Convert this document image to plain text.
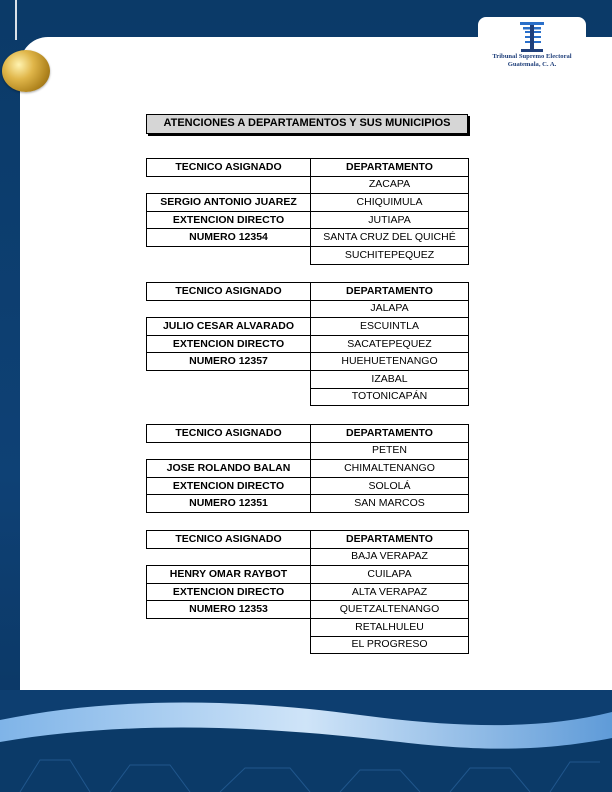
Tribunal Supremo Electoral
Guatemala, C. A.
ATENCIONES A DEPARTAMENTOS Y SUS MUNICIPIOS
TECNICO ASIGNADO	DEPARTAMENTO
	ZACAPA
SERGIO ANTONIO JUAREZ	CHIQUIMULA
EXTENCION DIRECTO	JUTIAPA
NUMERO 12354	SANTA CRUZ DEL QUICHÉ
	SUCHITEPEQUEZ
TECNICO ASIGNADO	DEPARTAMENTO
	JALAPA
JULIO CESAR ALVARADO	ESCUINTLA
EXTENCION DIRECTO	SACATEPEQUEZ
NUMERO 12357	HUEHUETENANGO
	IZABAL
	TOTONICAPÁN
TECNICO ASIGNADO	DEPARTAMENTO
	PETEN
JOSE ROLANDO BALAN	CHIMALTENANGO
EXTENCION DIRECTO	SOLOLÁ
NUMERO 12351	SAN MARCOS
TECNICO ASIGNADO	DEPARTAMENTO
	BAJA VERAPAZ
HENRY OMAR RAYBOT	CUILAPA
EXTENCION DIRECTO	ALTA VERAPAZ
NUMERO 12353	QUETZALTENANGO
	RETALHULEU
	EL PROGRESO
